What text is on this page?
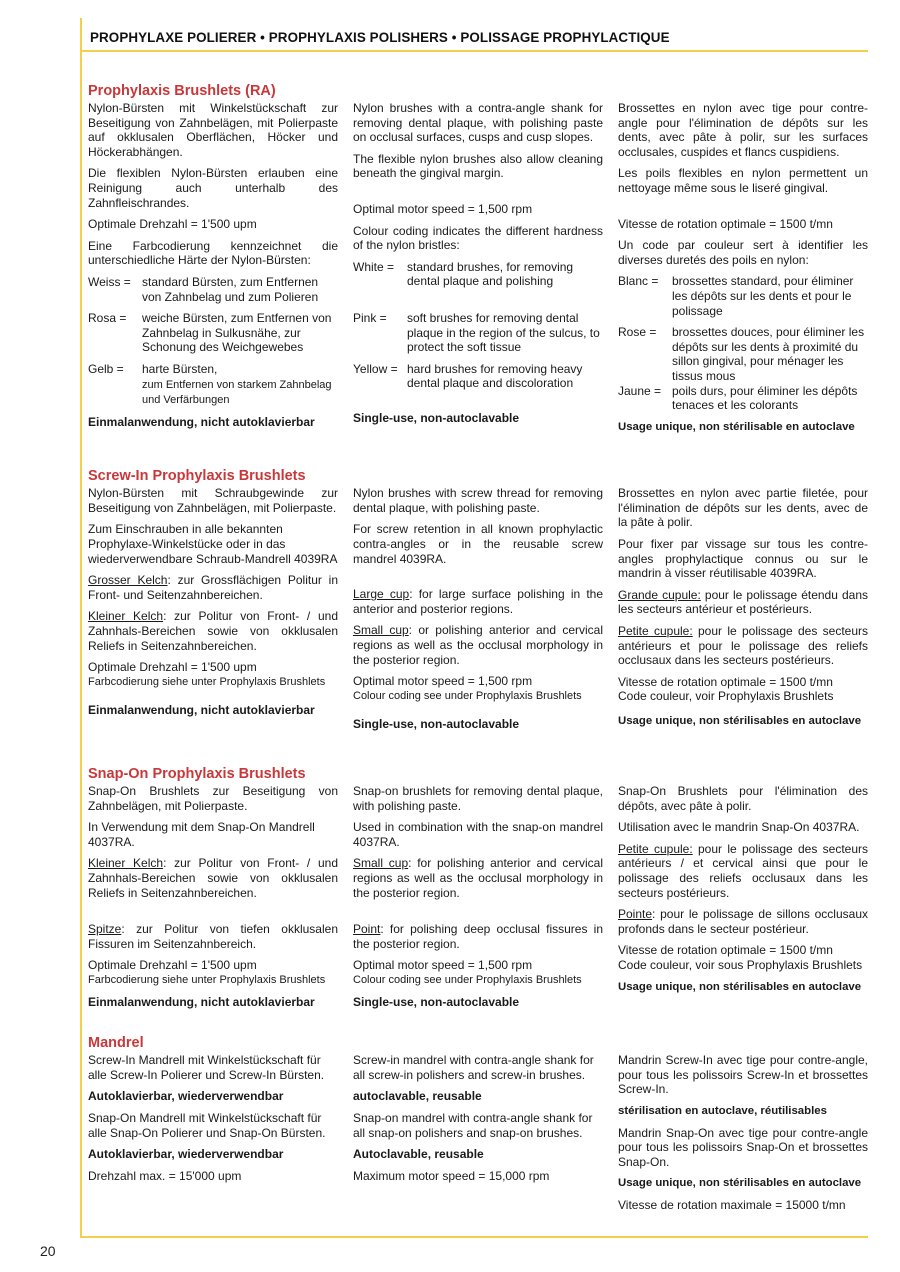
PROPHYLAXE POLIERER • PROPHYLAXIS POLISHERS • POLISSAGE PROPHYLACTIQUE
20
Prophylaxis Brushlets (RA)

Nylon-Bürsten mit Winkelstückschaft zur Beseitigung von Zahnbelägen, mit Polierpaste auf okklusalen Oberflächen, Höcker und Höckerabhängen.

Die flexiblen Nylon-Bürsten erlauben eine Reinigung auch unterhalb des Zahnfleischrandes.

Optimale Drehzahl = 1'500 upm

Eine Farbcodierung kennzeichnet die unterschiedliche Härte der Nylon-Bürsten:

Weiss = standard Bürsten, zum Entfernen von Zahnbelag und zum Polieren
Rosa =	weiche Bürsten, zum Entfernen von Zahnbelag in Sulkusnähe, zur Schonung des Weichgewebes
Gelb =	harte Bürsten,
zum Entfernen von starkem Zahnbelag und Verfärbungen

Einmalanwendung, nicht autoklavierbar

Nylon brushes with a contra-angle shank for removing dental plaque, with polishing paste on occlusal surfaces, cusps and cusp slopes.

The flexible nylon brushes also allow cleaning beneath the gingival margin.

Optimal motor speed = 1,500 rpm

Colour coding indicates the different hardness of the nylon bristles:

White =	standard brushes, for removing dental plaque and polishing
Pink =	soft brushes for removing dental plaque in the region of the sulcus, to protect the soft tissue
Yellow = hard brushes for removing heavy dental plaque and discoloration

Single-use, non-autoclavable

Brossettes en nylon avec tige pour contre-angle pour l'élimination de dépôts sur les dents, avec pâte à polir, sur les surfaces occlusales, cuspides et flancs cuspidiens.

Les poils flexibles en nylon permettent un nettoyage même sous le liseré gingival.

Vitesse de rotation optimale = 1500 t/mn

Un code par couleur sert à identifier les diverses duretés des poils en nylon:

Blanc =	brossettes standard, pour éliminer les dépôts sur les dents et pour le polissage
Rose =	brossettes douces, pour éliminer les dépôts sur les dents à proximité du sillon gingival, pour ménager les tissus mous
Jaune = poils durs, pour éliminer les dépôts tenaces et les colorants

Usage unique, non stérilisable en autoclave

Screw-In Prophylaxis Brushlets

Nylon-Bürsten mit Schraubgewinde zur Beseitigung von Zahnbelägen, mit Polierpaste.

Zum Einschrauben in alle bekannten Prophylaxe-Winkelstücke oder in das wiederverwendbare Schraub-Mandrell 4039RA

Grosser Kelch: zur Grossflächigen Politur in Front- und Seitenzahnbereichen.

Kleiner Kelch: zur Politur von Front- / und Zahnhals-Bereichen sowie von okklusalen Reliefs in Seitenzahnbereichen.

Optimale Drehzahl = 1'500 upm

Farbcodierung siehe unter Prophylaxis Brushlets

Einmalanwendung, nicht autoklavierbar

Nylon brushes with screw thread for removing dental plaque, with polishing paste.

For screw retention in all known prophylactic contra-angles or in the reusable screw mandrel 4039RA.

Large cup: for large surface polishing in the anterior and posterior regions.

Small cup: or polishing anterior and cervical regions as well as the occlusal morphology in the posterior region.

Optimal motor speed = 1,500 rpm

Colour coding see under Prophylaxis Brushlets

Single-use, non-autoclavable

Brossettes en nylon avec partie filetée, pour l'élimination de dépôts sur les dents, avec de la pâte à polir.

Pour fixer par vissage sur tous les contre-angles prophylactique connus ou sur le mandrin à visser réutilisable 4039RA.

Grande cupule: pour le polissage étendu dans les secteurs antérieur et postérieurs.

Petite cupule: pour le polissage des secteurs antérieurs et pour le polissage des reliefs occlusaux dans les secteurs postérieurs.

Vitesse de rotation optimale = 1500 t/mn

Code couleur, voir Prophylaxis Brushlets

Usage unique, non stérilisables en autoclave

Snap-On Prophylaxis Brushlets

Snap-On Brushlets zur Beseitigung von Zahnbelägen, mit Polierpaste.

In Verwendung mit dem Snap-On Mandrell 4037RA.

Kleiner Kelch: zur Politur von Front- / und Zahnhals-Bereichen sowie von okklusalen Reliefs in Seitenzahnbereichen.

Spitze: zur Politur von tiefen okklusalen Fissuren im Seitenzahnbereich.

Optimale Drehzahl = 1'500 upm

Farbcodierung siehe unter Prophylaxis Brushlets

Einmalanwendung, nicht autoklavierbar

Snap-on brushlets for removing dental plaque, with polishing paste.

Used in combination with the snap-on mandrel 4037RA.

Small cup: for polishing anterior and cervical regions as well as the occlusal morphology in the posterior region.

Point: for polishing deep occlusal fissures in the posterior region.

Optimal motor speed = 1,500 rpm

Colour coding see under Prophylaxis Brushlets

Single-use, non-autoclavable

Snap-On Brushlets pour l'élimination des dépôts, avec pâte à polir.

Utilisation avec le mandrin Snap-On 4037RA.

Petite cupule: pour le polissage des secteurs antérieurs / et cervical ainsi que pour le polissage des reliefs occlusaux dans les secteurs postérieurs.

Pointe: pour le polissage de sillons occlusaux profonds dans le secteur postérieur.

Vitesse de rotation optimale = 1500 t/mn

Code couleur, voir sous Prophylaxis Brushlets

Usage unique, non stérilisables en autoclave

Mandrel

Screw-In Mandrell mit Winkelstückschaft für alle Screw-In Polierer und Screw-In Bürsten.

Autoklavierbar, wiederverwendbar

Snap-On Mandrell mit Winkelstückschaft für alle Snap-On Polierer und Snap-On Bürsten.

Autoklavierbar, wiederverwendbar

Drehzahl max. = 15'000 upm

Screw-in mandrel with contra-angle shank for all screw-in polishers and screw-in brushes.

autoclavable, reusable

Snap-on mandrel with contra-angle shank for all snap-on polishers and snap-on brushes.

Autoclavable, reusable

Maximum motor speed = 15,000 rpm

Mandrin Screw-In avec tige pour contre-angle, pour tous les polissoirs Screw-In et brossettes Screw-In.

stérilisation en autoclave, réutilisables

Mandrin Snap-On avec tige pour contre-angle pour tous les polissoirs Snap-On et brossettes Snap-On.

Usage unique, non stérilisables en autoclave

Vitesse de rotation maximale = 15000 t/mn
